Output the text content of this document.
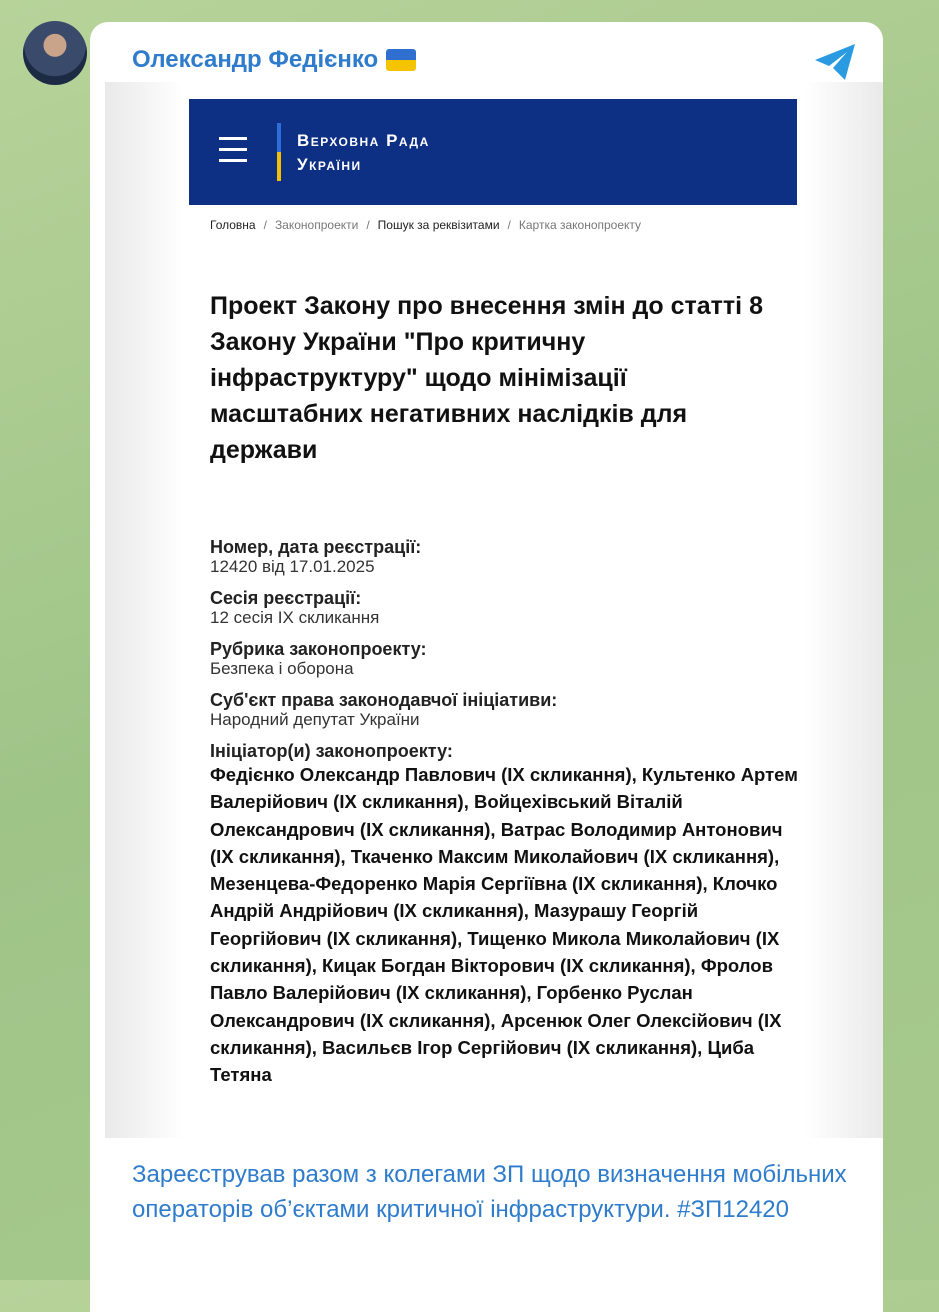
Олександр Федієнко
Верховна Рада
України
Головна / Законопроекти / Пошук за реквізитами / Картка законопроекту
Проект Закону про внесення змін до статті 8 Закону України "Про критичну інфраструктуру" щодо мінімізації масштабних негативних наслідків для держави
Номер, дата реєстрації:
12420 від 17.01.2025
Сесія реєстрації:
12 сесія IX скликання
Рубрика законопроекту:
Безпека і оборона
Суб'єкт права законодавчої ініціативи:
Народний депутат України
Ініціатор(и) законопроекту:
Федієнко Олександр Павлович (IX скликання), Культенко Артем Валерійович (IX скликання), Войцехівський Віталій Олександрович (IX скликання), Ватрас Володимир Антонович (IX скликання), Ткаченко Максим Миколайович (IX скликання), Мезенцева-Федоренко Марія Сергіївна (IX скликання), Клочко Андрій Андрійович (IX скликання), Мазурашу Георгій Георгійович (IX скликання), Тищенко Микола Миколайович (IX скликання), Кицак Богдан Вікторович (IX скликання), Фролов Павло Валерійович (IX скликання), Горбенко Руслан Олександрович (IX скликання), Арсенюк Олег Олексійович (IX скликання), Васильєв Ігор Сергійович (IX скликання), Циба Тетяна
Зареєстрував разом з колегами ЗП щодо визначення мобільних операторів об’єктами критичної інфраструктури. #ЗП12420
